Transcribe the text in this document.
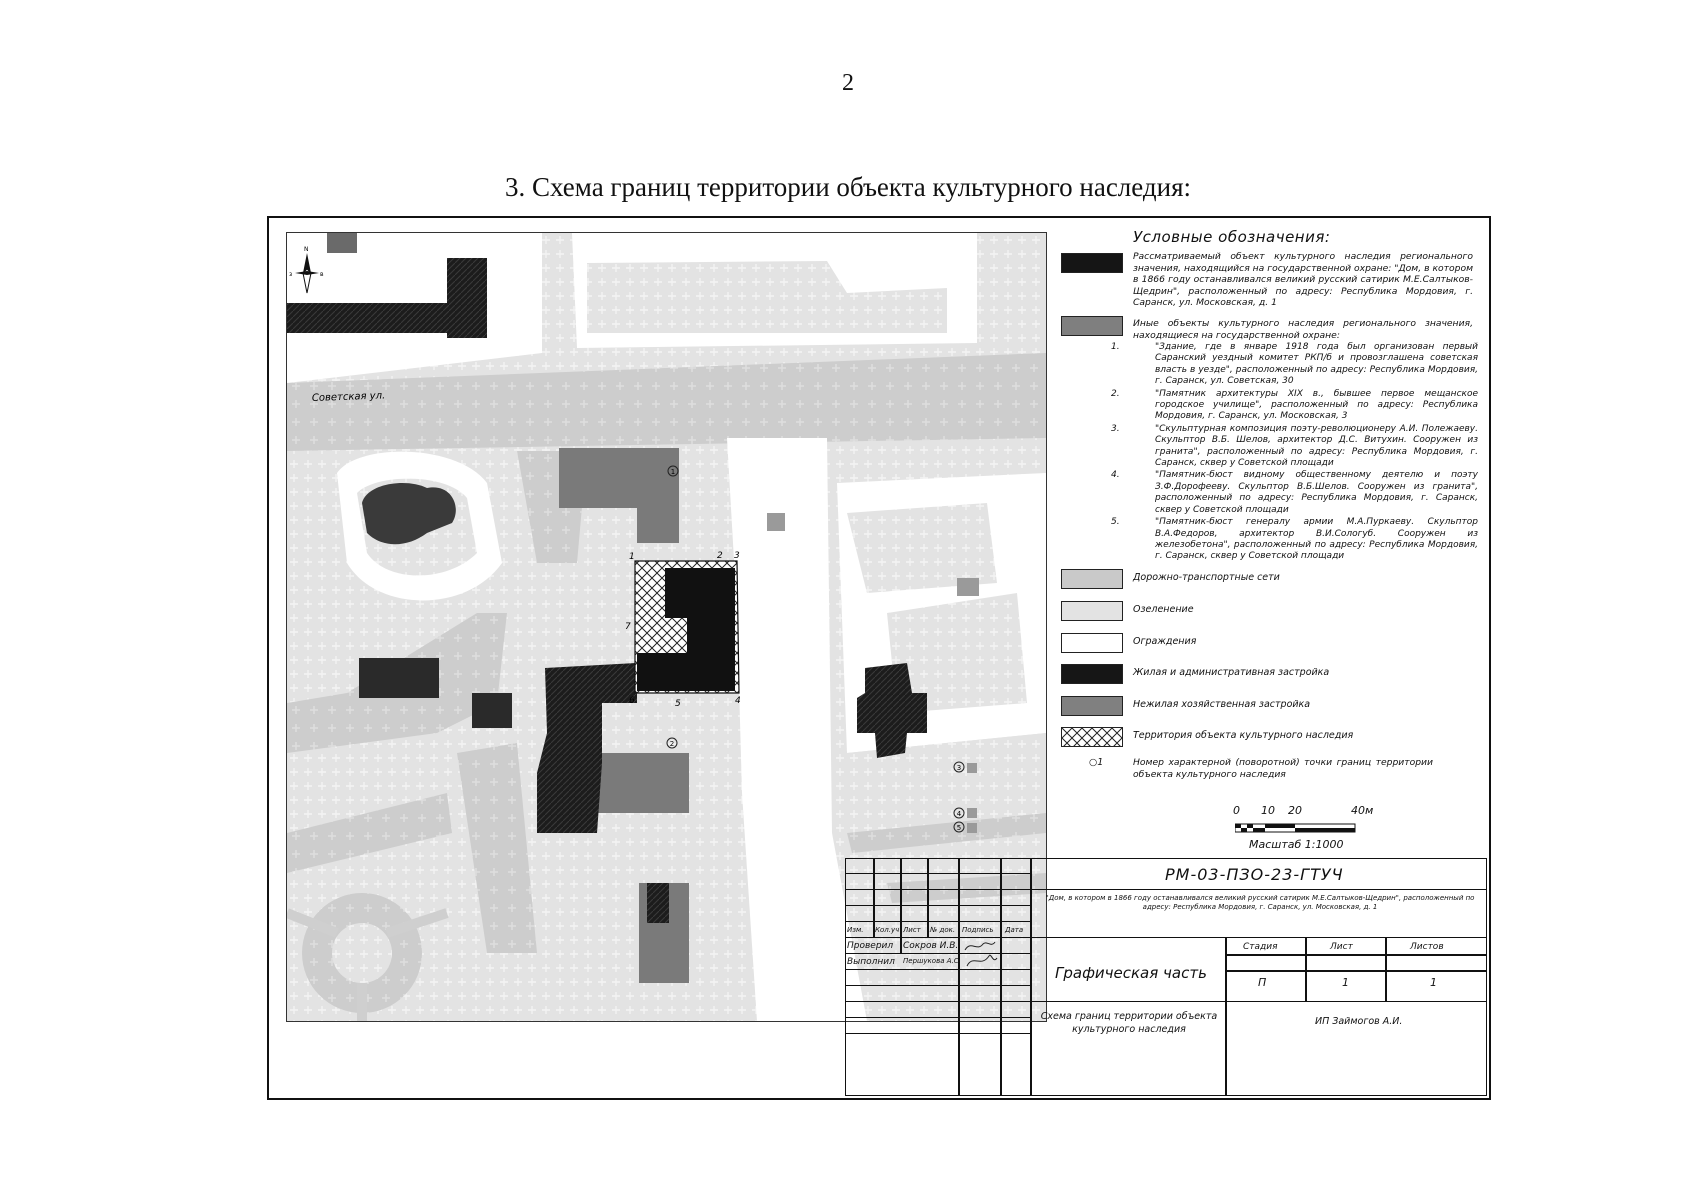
2
3. Схема границ территории объекта культурного наследия:
1	2 3
4
5
6
7
1
2
3
4
5
Советская ул.
з	в
N
Условные обозначения:
Рассматриваемый объект культурного наследия регионального значения, находящийся на государственной охране: "Дом, в котором в 1866 году останавливался великий русский сатирик М.Е.Салтыков-Щедрин", расположенный по адресу: Республика Мордовия, г. Саранск, ул. Московская, д. 1
Иные объекты культурного наследия регионального значения, находящиеся на государственной охране:
1.	"Здание, где в январе 1918 года был организован первый Саранский уездный комитет РКП/б и провозглашена советская власть в уезде", расположенный по адресу: Республика Мордовия, г. Саранск, ул. Советская, 30
2.	"Памятник архитектуры XIX в., бывшее первое мещанское городское училище", расположенный по адресу: Республика Мордовия, г. Саранск, ул. Московская, 3
3.	"Скульптурная композиция поэту-революционеру А.И. Полежаеву. Скульптор В.Б. Шелов, архитектор Д.С. Витухин. Сооружен из гранита", расположенный по адресу: Республика Мордовия, г. Саранск, сквер у Советской площади
4.	"Памятник-бюст видному общественному деятелю и поэту З.Ф.Дорофееву. Скульптор В.Б.Шелов. Сооружен из гранита", расположенный по адресу: Республика Мордовия, г. Саранск, сквер у Советской площади
5.	"Памятник-бюст генералу армии М.А.Пуркаеву. Скульптор В.А.Федоров, архитектор В.И.Сологуб. Сооружен из железобетона", расположенный по адресу: Республика Мордовия, г. Саранск, сквер у Советской площади
Дорожно-транспортные сети
Озеленение
Ограждения
Жилая и административная застройка
Нежилая хозяйственная застройка
Территория объекта культурного наследия
○1	Номер характерной (поворотной) точки границ территории объекта культурного наследия
0 10 20	40м
Масштаб 1:1000
Изм. Кол.уч Лист № док. Подпись Дата
Проверил Сокров И.В.
Выполнил Першукова А.С.
РМ-03-ПЗО-23-ГТУЧ
"Дом, в котором в 1866 году останавливался великий русский сатирик М.Е.Салтыков-Щедрин", расположенный по адресу: Республика Мордовия, г. Саранск, ул. Московская, д. 1
Графическая часть
Стадия	Лист	Листов
П	1	1
Схема границ территории объекта культурного наследия
ИП Займогов А.И.
